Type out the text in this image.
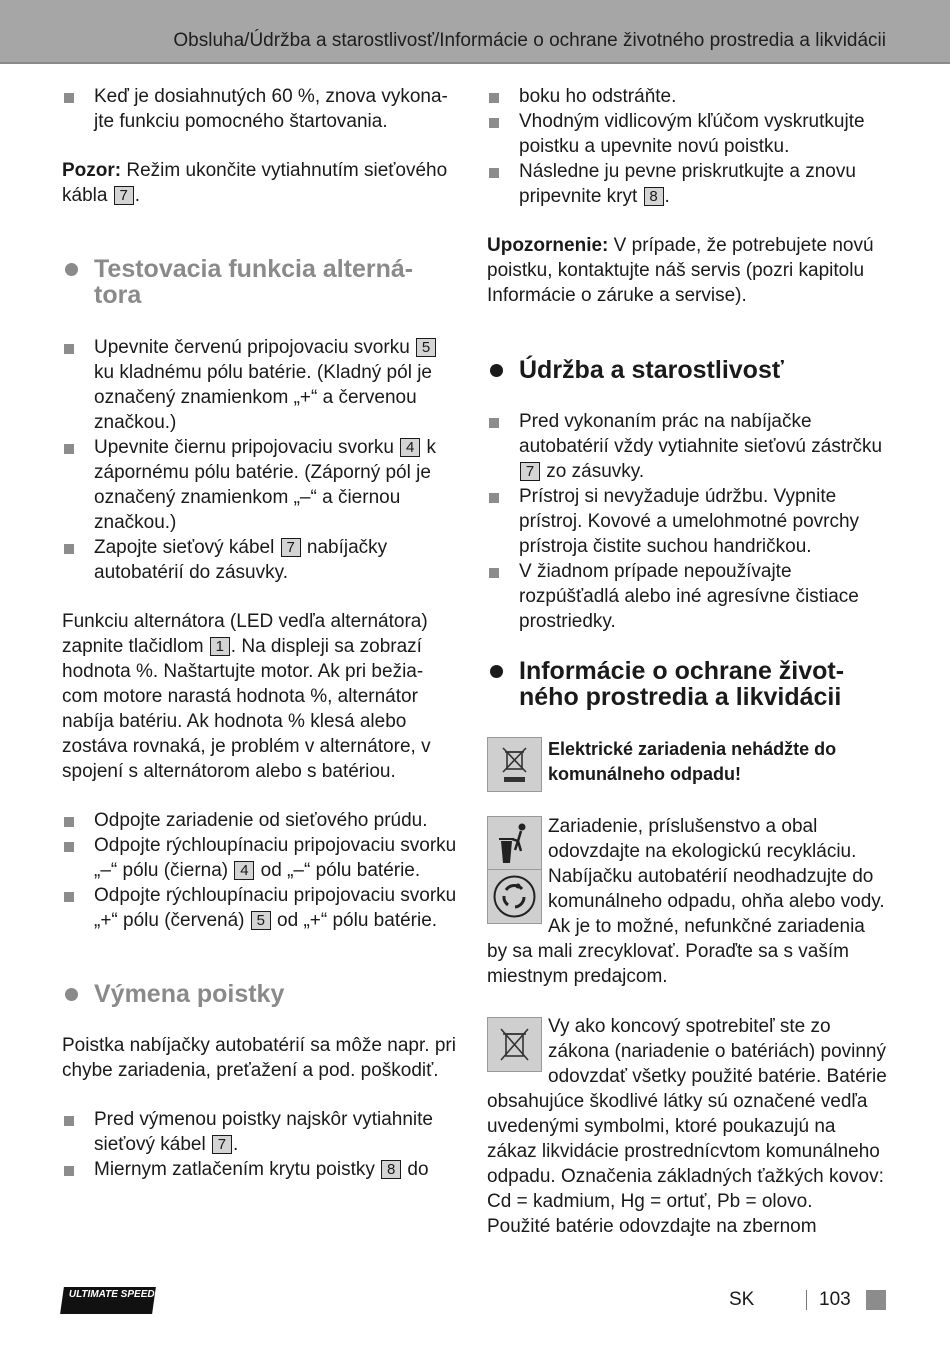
Obsluha/Údržba a starostlivosť/Informácie o ochrane životného prostredia a likvidácii
Keď je dosiahnutých 60 %, znova vykona-
jte funkciu pomocného štartovania.

Pozor: Režim ukončite vytiahnutím sieťového kábla 7 .

Testovacia funkcia alterná-
tora
Upevnite červenú pripojovaciu svorku 5 ku kladnému pólu batérie. (Kladný pól je označený znamienkom „+“ a červenou značkou.)
Upevnite čiernu pripojovaciu svorku 4 k zápornému pólu batérie. (Záporný pól je označený znamienkom „–“ a čiernou značkou.)
Zapojte sieťový kábel 7 nabíjačky autobatérií do zásuvky.

Funkciu alternátora (LED vedľa alternátora) zapnite tlačidlom 1 . Na displeji sa zobrazí hodnota %. Naštartujte motor. Ak pri bežia-com motore narastá hodnota %, alternátor nabíja batériu. Ak hodnota % klesá alebo zostáva rovnaká, je problém v alternátore, v spojení s alternátorom alebo s batériou.

Odpojte zariadenie od sieťového prúdu.
Odpojte rýchloupínaciu pripojovaciu svorku „–“ pólu (čierna) 4 od „–“ pólu batérie.
Odpojte rýchloupínaciu pripojovaciu svorku „+“ pólu (červená) 5 od „+“ pólu batérie.
Výmena poistky

Poistka nabíjačky autobatérií sa môže napr. pri chybe zariadenia, preťažení a pod. poškodiť.

Pred výmenou poistky najskôr vytiahnite sieťový kábel 7 .
Miernym zatlačením krytu poistky 8 do
boku ho odstráňte.
Vhodným vidlicovým kľúčom vyskrutkujte poistku a upevnite novú poistku.
Následne ju pevne priskrutkujte a znovu pripevnite kryt 8 .

Upozornenie: V prípade, že potrebujete novú poistku, kontaktujte náš servis (pozri kapitolu Informácie o záruke a servise).

Údržba a starostlivosť
Pred vykonaním prác na nabíjačke autobatérií vždy vytiahnite sieťovú zástrčku 7 zo zásuvky.
Prístroj si nevyžaduje údržbu. Vypnite prístroj. Kovové a umelohmotné povrchy prístroja čistite suchou handričkou.
V žiadnom prípade nepoužívajte rozpúšťadlá alebo iné agresívne čistiace prostriedky.
Informácie o ochrane život-
ného prostredia a likvidácii

Elektrické zariadenia nehádžte do komunálneho odpadu!

Zariadenie, príslušenstvo a obal odovzdajte na ekologickú recykláciu. Nabíjačku autobatérií neodhadzujte do komunálneho odpadu, ohňa alebo vody. Ak je to možné, nefunkčné zariadenia by sa mali zrecyklovať. Poraďte sa s vaším miestnym predajcom.

Vy ako koncový spotrebiteľ ste zo zákona (nariadenie o batériách) povinný odovzdať všetky použité batérie. Batérie obsahujúce škodlivé látky sú označené vedľa uvedenými symbolmi, ktoré poukazujú na zákaz likvidácie prostrednícvtom komunálneho odpadu. Označenia základných ťažkých kovov: Cd = kadmium, Hg = ortuť, Pb = olovo.

Použité batérie odovzdajte na zbernom

ULTIMATE SPEED	SK	103
